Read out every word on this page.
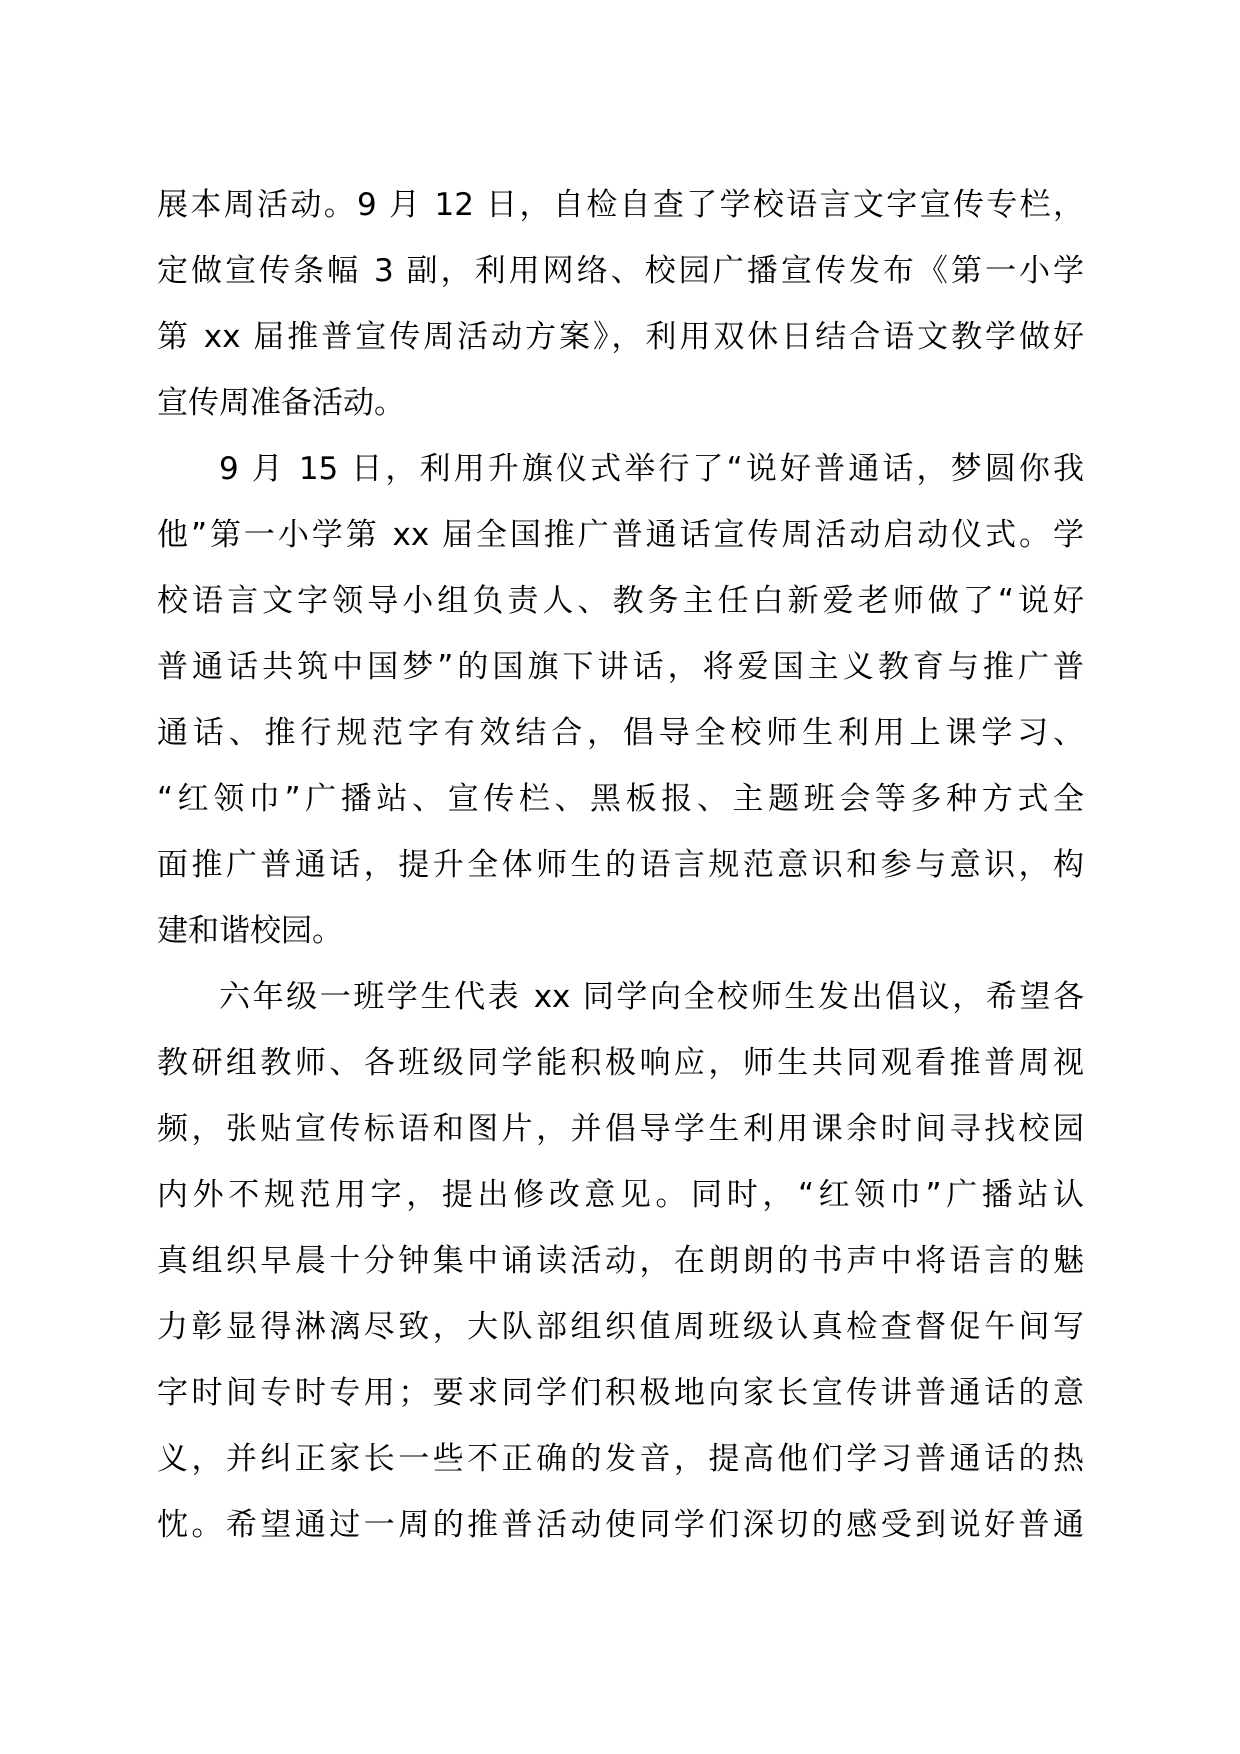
展本周活动。9 月 12 日，自检自查了学校语言文字宣传专栏，
定做宣传条幅 3 副，利用网络、校园广播宣传发布《第一小学
第 xx 届推普宣传周活动方案》，利用双休日结合语文教学做好
宣传周准备活动。
9 月 15 日，利用升旗仪式举行了“说好普通话，梦圆你我
他”第一小学第 xx 届全国推广普通话宣传周活动启动仪式。学
校语言文字领导小组负责人、教务主任白新爱老师做了“说好
普通话共筑中国梦”的国旗下讲话，将爱国主义教育与推广普
通话、推行规范字有效结合，倡导全校师生利用上课学习、
“红领巾”广播站、宣传栏、黑板报、主题班会等多种方式全
面推广普通话，提升全体师生的语言规范意识和参与意识，构
建和谐校园。
六年级一班学生代表 xx 同学向全校师生发出倡议，希望各
教研组教师、各班级同学能积极响应，师生共同观看推普周视
频，张贴宣传标语和图片，并倡导学生利用课余时间寻找校园
内外不规范用字，提出修改意见。同时，“红领巾”广播站认
真组织早晨十分钟集中诵读活动，在朗朗的书声中将语言的魅
力彰显得淋漓尽致，大队部组织值周班级认真检查督促午间写
字时间专时专用；要求同学们积极地向家长宣传讲普通话的意
义，并纠正家长一些不正确的发音，提高他们学习普通话的热
忱。希望通过一周的推普活动使同学们深切的感受到说好普通
